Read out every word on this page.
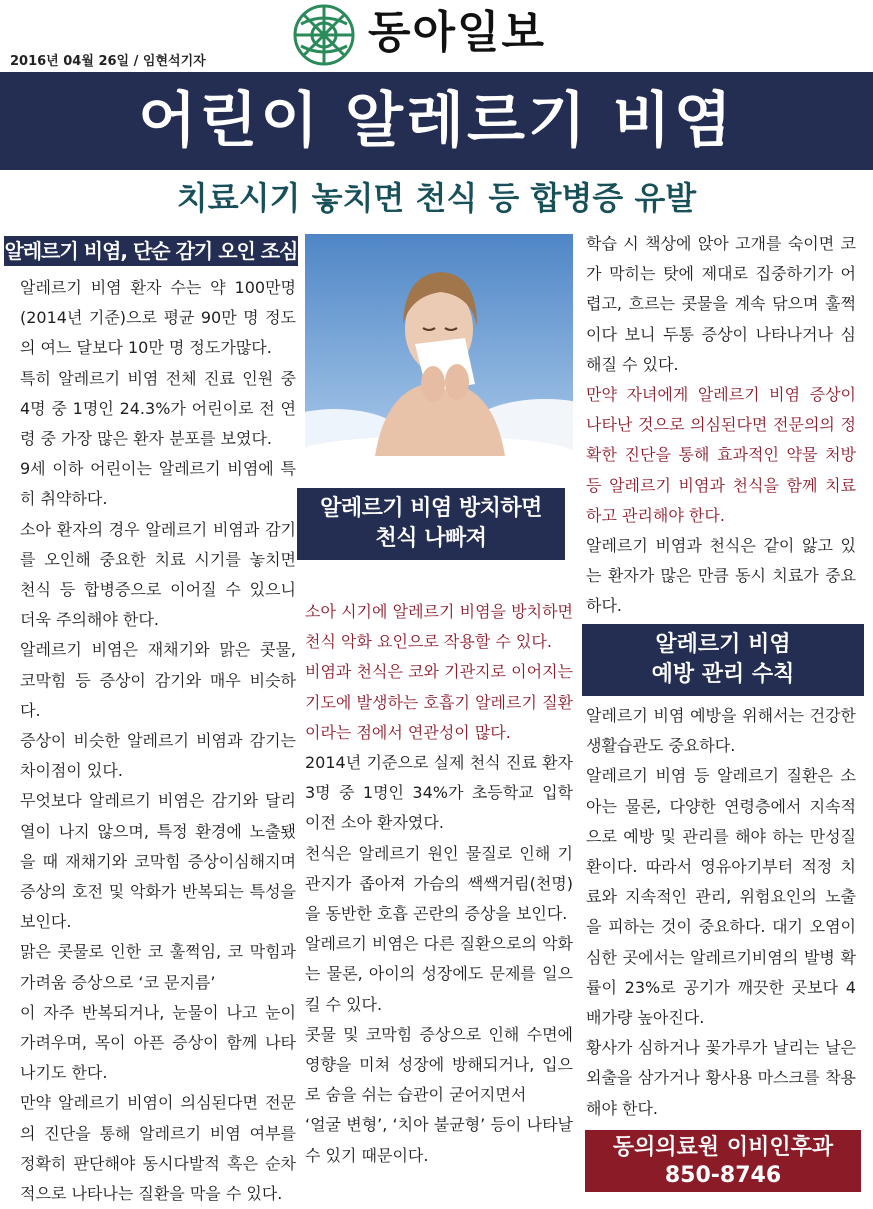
동아일보
2016년 04월 26일 / 임현석기자
어린이 알레르기 비염
치료시기 놓치면 천식 등 합병증 유발
알레르기 비염, 단순 감기 오인 조심

알레르기 비염 환자 수는 약 100만명(2014년 기준)으로 평균 90만 명 정도의 여느 달보다 10만 명 정도가많다.

특히 알레르기 비염 전체 진료 인원 중 4명 중 1명인 24.3%가 어린이로 전 연령 중 가장 많은 환자 분포를 보였다.

9세 이하 어린이는 알레르기 비염에 특히 취약하다.

소아 환자의 경우 알레르기 비염과 감기를 오인해 중요한 치료 시기를 놓치면 천식 등 합병증으로 이어질 수 있으니 더욱 주의해야 한다.

알레르기 비염은 재채기와 맑은 콧물, 코막힘 등 증상이 감기와 매우 비슷하다.

증상이 비슷한 알레르기 비염과 감기는차이점이 있다.

무엇보다 알레르기 비염은 감기와 달리 열이 나지 않으며, 특정 환경에 노출됐을 때 재채기와 코막힘 증상이심해지며 증상의 호전 및 악화가 반복되는 특성을 보인다.

맑은 콧물로 인한 코 훌쩍임, 코 막힘과 가려움 증상으로 ‘코 문지름’

이 자주 반복되거나, 눈물이 나고 눈이 가려우며, 목이 아픈 증상이 함께 나타나기도 한다.

만약 알레르기 비염이 의심된다면 전문의 진단을 통해 알레르기 비염 여부를 정확히 판단해야 동시다발적 혹은 순차적으로 나타나는 질환을 막을 수 있다.

알레르기 비염 방치하면
천식 나빠져

소아 시기에 알레르기 비염을 방치하면 천식 악화 요인으로 작용할 수 있다.

비염과 천식은 코와 기관지로 이어지는 기도에 발생하는 호흡기 알레르기 질환이라는 점에서 연관성이 많다.

2014년 기준으로 실제 천식 진료 환자 3명 중 1명인 34%가 초등학교 입학 이전 소아 환자였다.

천식은 알레르기 원인 물질로 인해 기관지가 좁아져 가슴의 쌕쌕거림(천명)을 동반한 호흡 곤란의 증상을 보인다.

알레르기 비염은 다른 질환으로의 악화는 물론, 아이의 성장에도 문제를 일으킬 수 있다.

콧물 및 코막힘 증상으로 인해 수면에 영향을 미쳐 성장에 방해되거나, 입으로 숨을 쉬는 습관이 굳어지면서

‘얼굴 변형’, ‘치아 불균형’ 등이 나타날 수 있기 때문이다.

학습 시 책상에 앉아 고개를 숙이면 코가 막히는 탓에 제대로 집중하기가 어렵고, 흐르는 콧물을 계속 닦으며 훌쩍이다 보니 두통 증상이 나타나거나 심해질 수 있다.

만약 자녀에게 알레르기 비염 증상이 나타난 것으로 의심된다면 전문의의 정확한 진단을 통해 효과적인 약물 처방 등 알레르기 비염과 천식을 함께 치료하고 관리해야 한다.

알레르기 비염과 천식은 같이 앓고 있는 환자가 많은 만큼 동시 치료가 중요하다.

알레르기 비염
예방 관리 수칙

알레르기 비염 예방을 위해서는 건강한 생활습관도 중요하다.

알레르기 비염 등 알레르기 질환은 소아는 물론, 다양한 연령층에서 지속적으로 예방 및 관리를 해야 하는 만성질환이다. 따라서 영유아기부터 적정 치료와 지속적인 관리, 위험요인의 노출을 피하는 것이 중요하다. 대기 오염이 심한 곳에서는 알레르기비염의 발병 확률이 23%로 공기가 깨끗한 곳보다 4배가량 높아진다.

황사가 심하거나 꽃가루가 날리는 날은 외출을 삼가거나 황사용 마스크를 착용해야 한다.

동의의료원 이비인후과
850-8746
